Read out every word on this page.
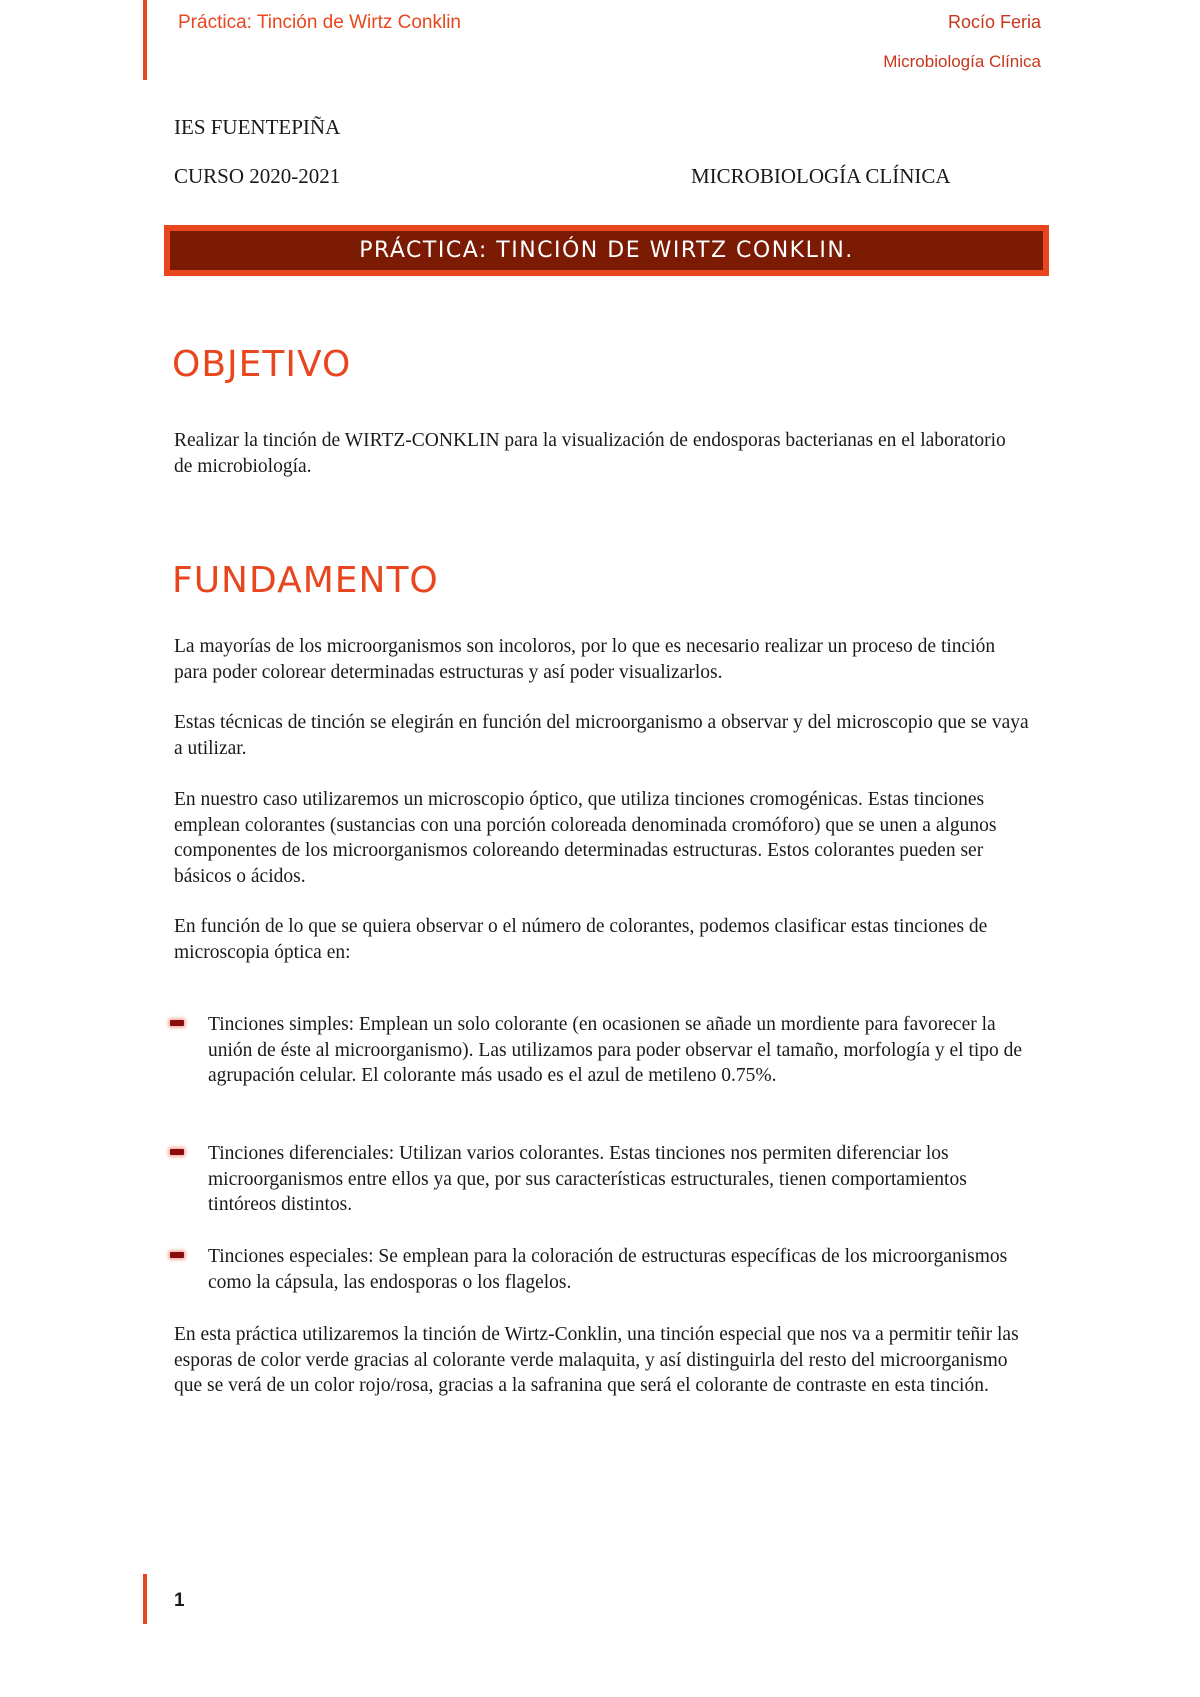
Práctica: Tinción de Wirtz Conklin	Rocío Feria
Microbiología Clínica
IES FUENTEPIÑA
CURSO 2020-2021	MICROBIOLOGÍA CLÍNICA
PRÁCTICA: TINCIÓN DE WIRTZ CONKLIN.
OBJETIVO
Realizar la tinción de WIRTZ-CONKLIN para la visualización de endosporas bacterianas en el laboratorio de microbiología.
FUNDAMENTO
La mayorías de los microorganismos son incoloros, por lo que es necesario realizar un proceso de tinción para poder colorear determinadas estructuras y así poder visualizarlos.
Estas técnicas de tinción se elegirán en función del microorganismo a observar y del microscopio que se vaya a utilizar.
En nuestro caso utilizaremos un microscopio óptico, que utiliza tinciones cromogénicas. Estas tinciones emplean colorantes (sustancias con una porción coloreada denominada cromóforo) que se unen a algunos componentes de los microorganismos coloreando determinadas estructuras. Estos colorantes pueden ser básicos o ácidos.
En función de lo que se quiera observar o el número de colorantes, podemos clasificar estas tinciones de microscopia óptica en:
Tinciones simples: Emplean un solo colorante (en ocasionen se añade un mordiente para favorecer la unión de éste al microorganismo). Las utilizamos para poder observar el tamaño, morfología y el tipo de agrupación celular. El colorante más usado es el azul de metileno 0.75%.
Tinciones diferenciales: Utilizan varios colorantes. Estas tinciones nos permiten diferenciar los microorganismos entre ellos ya que, por sus características estructurales, tienen comportamientos tintóreos distintos.
Tinciones especiales: Se emplean para la coloración de estructuras específicas de los microorganismos como la cápsula, las endosporas o los flagelos.
En esta práctica utilizaremos la tinción de Wirtz-Conklin, una tinción especial que nos va a permitir teñir las esporas de color verde gracias al colorante verde malaquita, y así distinguirla del resto del microorganismo que se verá de un color rojo/rosa, gracias a la safranina que será el colorante de contraste en esta tinción.
1
